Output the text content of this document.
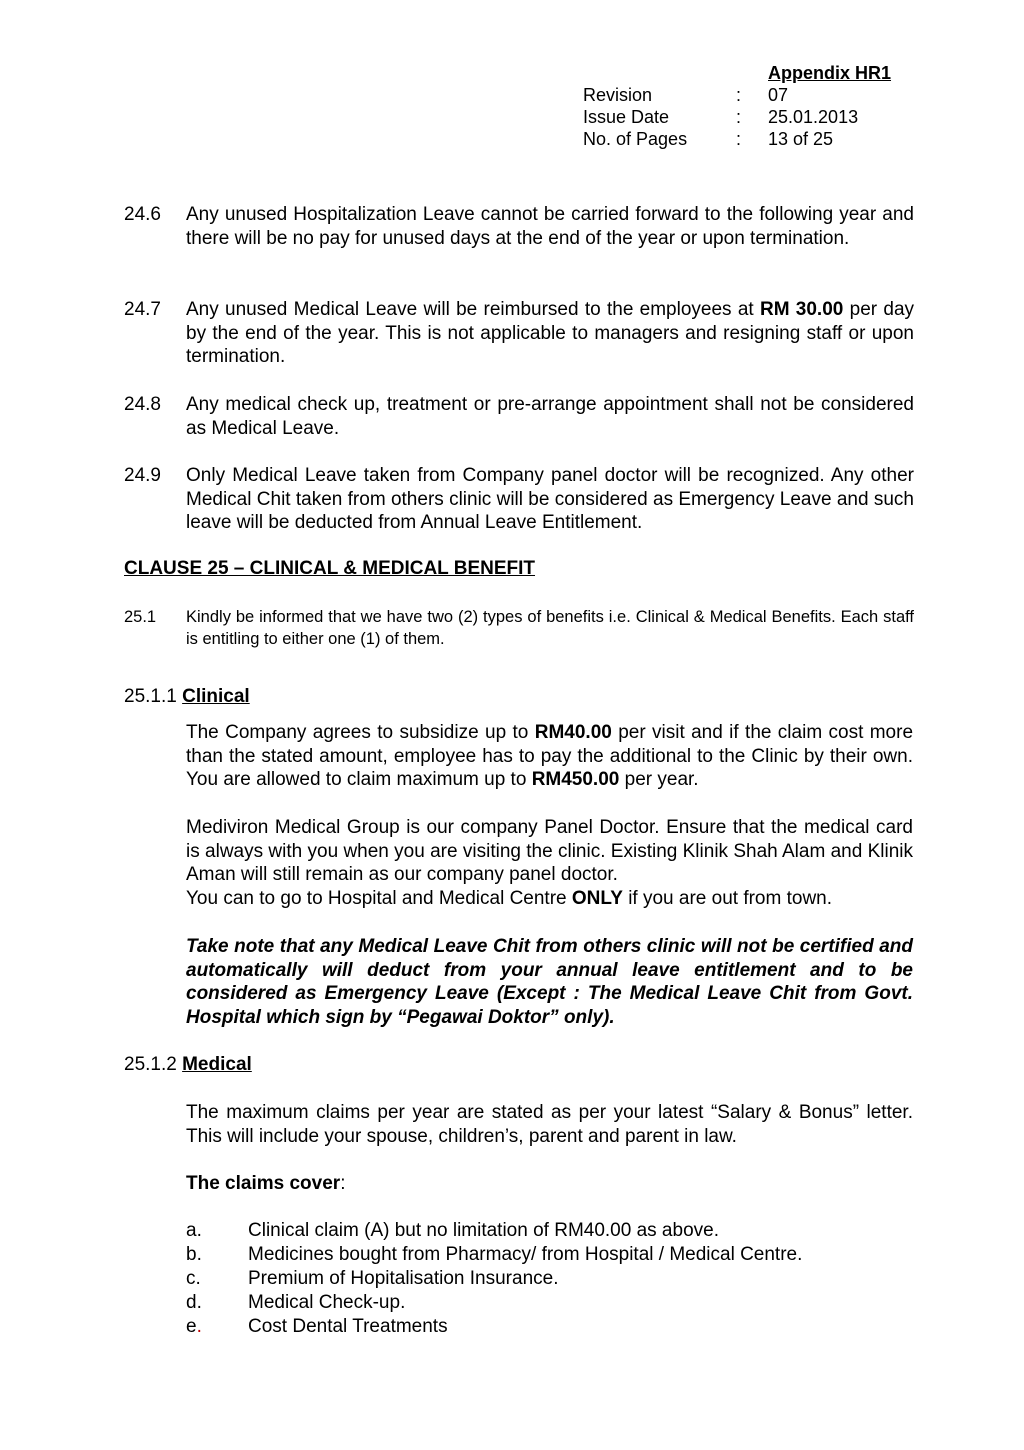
Appendix HR1
Revision	: 07
Issue Date	: 25.01.2013
No. of Pages	: 13 of 25
24.6 Any unused Hospitalization Leave cannot be carried forward to the following year and there will be no pay for unused days at the end of the year or upon termination.
24.7 Any unused Medical Leave will be reimbursed to the employees at RM 30.00 per day by the end of the year. This is not applicable to managers and resigning staff or upon termination.
24.8 Any medical check up, treatment or pre-arrange appointment shall not be considered as Medical Leave.
24.9 Only Medical Leave taken from Company panel doctor will be recognized. Any other Medical Chit taken from others clinic will be considered as Emergency Leave and such leave will be deducted from Annual Leave Entitlement.
CLAUSE 25 – CLINICAL & MEDICAL BENEFIT
25.1 Kindly be informed that we have two (2) types of benefits i.e. Clinical & Medical Benefits. Each staff is entitling to either one (1) of them.
25.1.1 Clinical
The Company agrees to subsidize up to RM40.00 per visit and if the claim cost more than the stated amount, employee has to pay the additional to the Clinic by their own. You are allowed to claim maximum up to RM450.00 per year.
Mediviron Medical Group is our company Panel Doctor. Ensure that the medical card is always with you when you are visiting the clinic. Existing Klinik Shah Alam and Klinik Aman will still remain as our company panel doctor.
You can to go to Hospital and Medical Centre ONLY if you are out from town.
Take note that any Medical Leave Chit from others clinic will not be certified and automatically will deduct from your annual leave entitlement and to be considered as Emergency Leave (Except : The Medical Leave Chit from Govt. Hospital which sign by “Pegawai Doktor” only).
25.1.2 Medical
The maximum claims per year are stated as per your latest “Salary & Bonus” letter. This will include your spouse, children’s, parent and parent in law.
The claims cover:
a. Clinical claim (A) but no limitation of RM40.00 as above.
b. Medicines bought from Pharmacy/ from Hospital / Medical Centre.
c. Premium of Hopitalisation Insurance.
d. Medical Check-up.
e. Cost Dental Treatments
